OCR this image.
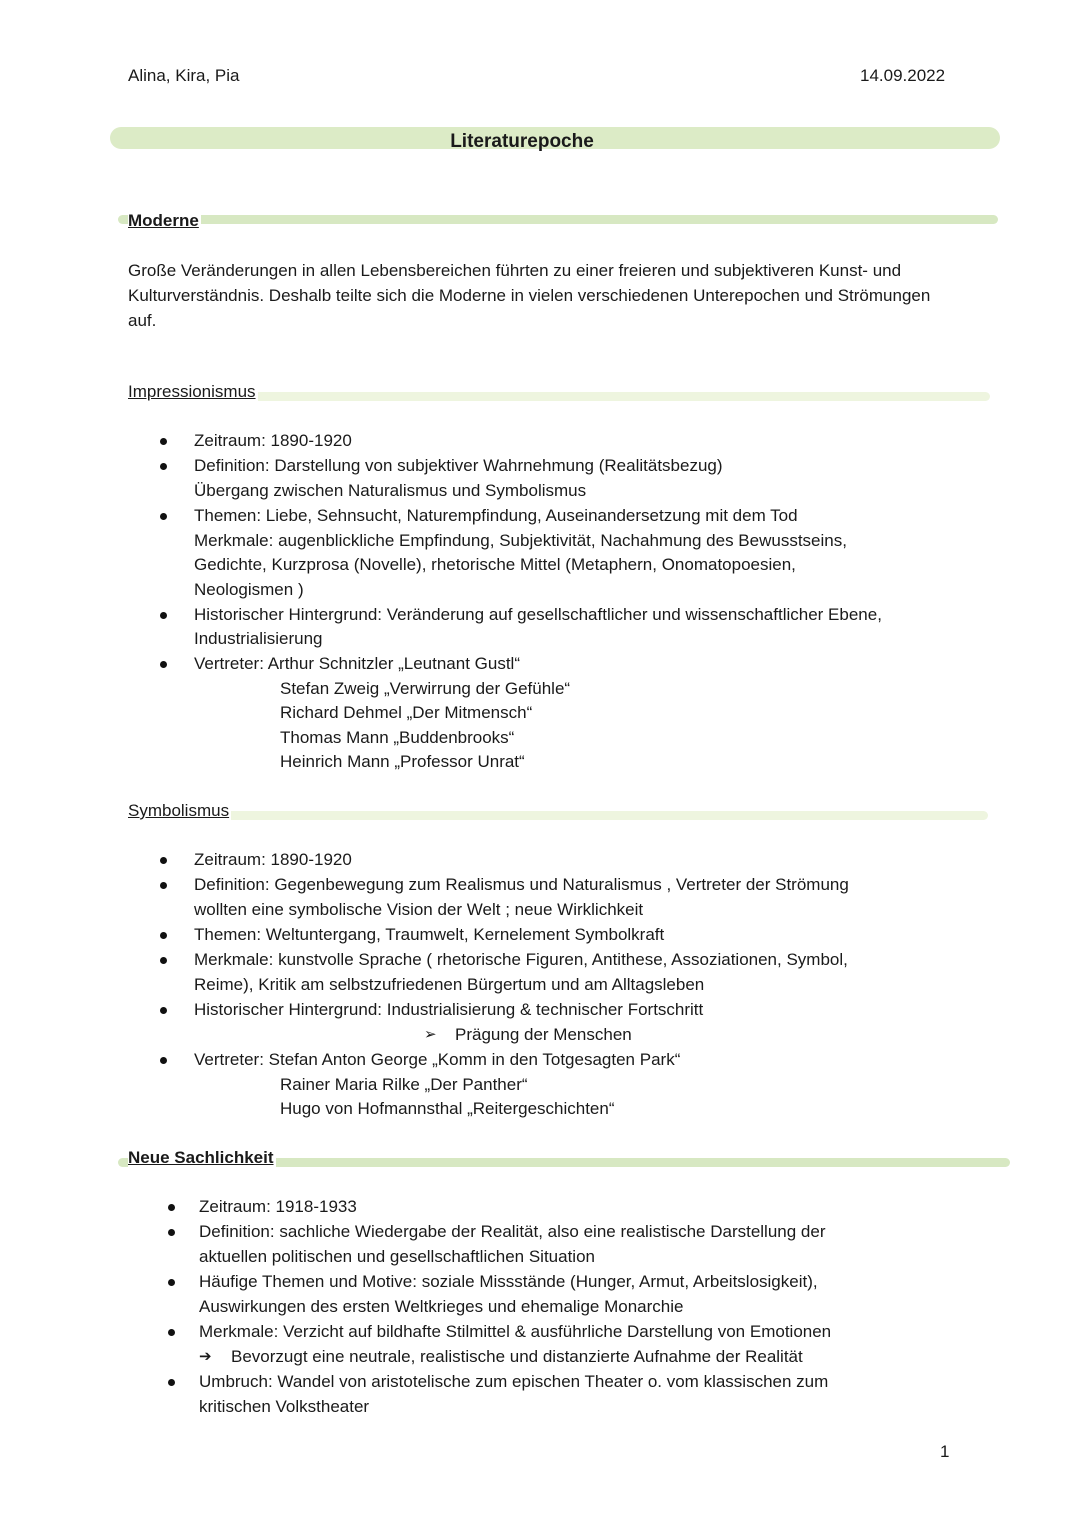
Alina, Kira, Pia	14.09.2022
Literaturepoche
Moderne

Große Veränderungen in allen Lebensbereichen führten zu einer freieren und subjektiveren Kunst- und Kulturverständnis. Deshalb teilte sich die Moderne in vielen verschiedenen Unterepochen und Strömungen auf.

Impressionismus
Zeitraum: 1890-1920
Definition: Darstellung von subjektiver Wahrnehmung (Realitätsbezug)
Übergang zwischen Naturalismus und Symbolismus
Themen: Liebe, Sehnsucht, Naturempfindung, Auseinandersetzung mit dem Tod
Merkmale: augenblickliche Empfindung, Subjektivität, Nachahmung des Bewusstseins,
Gedichte, Kurzprosa (Novelle), rhetorische Mittel (Metaphern, Onomatopoesien,
Neologismen )
Historischer Hintergrund: Veränderung auf gesellschaftlicher und wissenschaftlicher Ebene,
Industrialisierung
Vertreter: Arthur Schnitzler „Leutnant Gustl“
Stefan Zweig „Verwirrung der Gefühle“
Richard Dehmel „Der Mitmensch“
Thomas Mann „Buddenbrooks“
Heinrich Mann „Professor Unrat“
Symbolismus
Zeitraum: 1890-1920
Definition: Gegenbewegung zum Realismus und Naturalismus , Vertreter der Strömung
wollten eine symbolische Vision der Welt ; neue Wirklichkeit
Themen: Weltuntergang, Traumwelt, Kernelement Symbolkraft
Merkmale: kunstvolle Sprache ( rhetorische Figuren, Antithese, Assoziationen, Symbol,
Reime), Kritik am selbstzufriedenen Bürgertum und am Alltagsleben
Historischer Hintergrund: Industrialisierung & technischer Fortschritt
➢ Prägung der Menschen
Vertreter: Stefan Anton George „Komm in den Totgesagten Park“
Rainer Maria Rilke „Der Panther“
Hugo von Hofmannsthal „Reitergeschichten“
Neue Sachlichkeit
Zeitraum: 1918-1933
Definition: sachliche Wiedergabe der Realität, also eine realistische Darstellung der
aktuellen politischen und gesellschaftlichen Situation
Häufige Themen und Motive: soziale Missstände (Hunger, Armut, Arbeitslosigkeit),
Auswirkungen des ersten Weltkrieges und ehemalige Monarchie
Merkmale: Verzicht auf bildhafte Stilmittel & ausführliche Darstellung von Emotionen
➔ Bevorzugt eine neutrale, realistische und distanzierte Aufnahme der Realität
Umbruch: Wandel von aristotelische zum epischen Theater o. vom klassischen zum
kritischen Volkstheater
1
